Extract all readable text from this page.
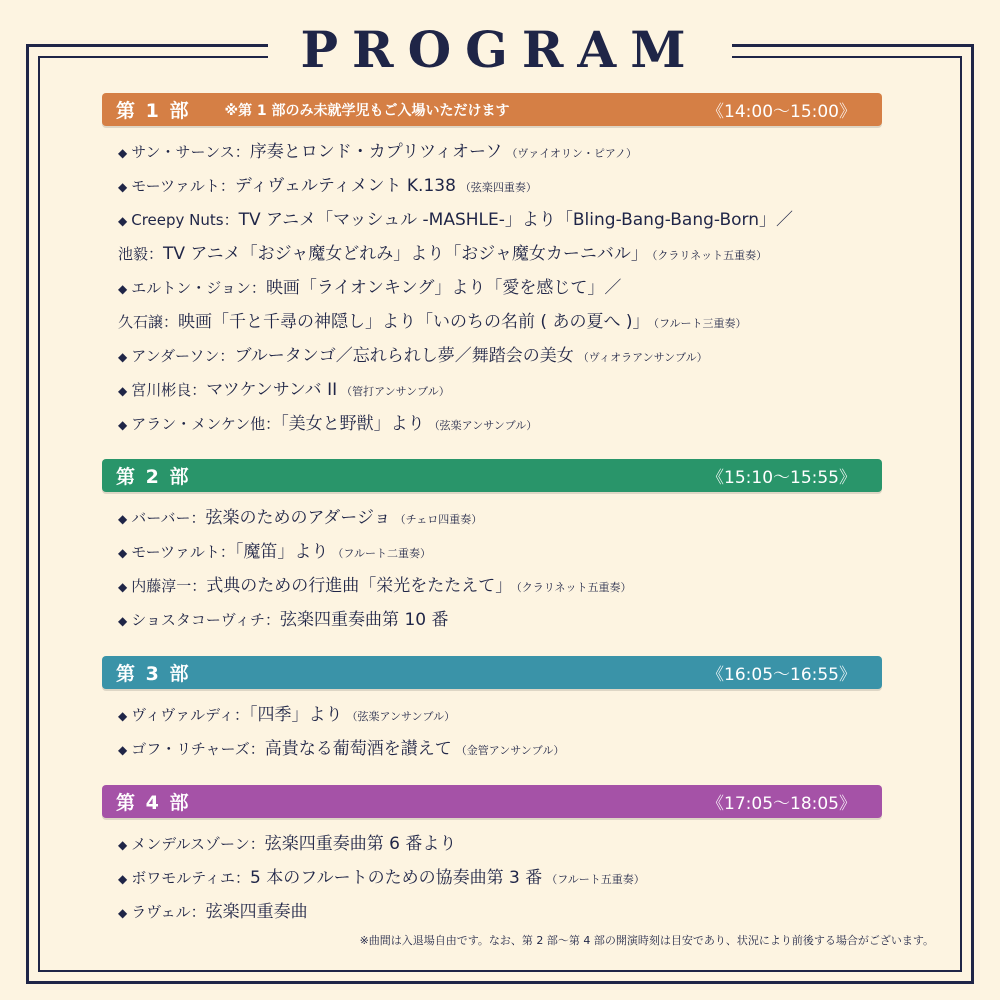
PROGRAM
第 1 部 ※第 1 部のみ未就学児もご入場いただけます	《14:00〜15:00》
◆ サン・サーンス：序奏とロンド・カプリツィオーソ （ヴァイオリン・ピアノ）
◆ モーツァルト：ディヴェルティメント K.138 （弦楽四重奏）
◆ Creepy Nuts：TV アニメ「マッシュル -MASHLE-」より「Bling-Bang-Bang-Born」／
池毅：TV アニメ「おジャ魔女どれみ」より「おジャ魔女カーニバル」 （クラリネット五重奏）
◆ エルトン・ジョン：映画「ライオンキング」より「愛を感じて」／
久石譲：映画「千と千尋の神隠し」より「いのちの名前 ( あの夏へ )」 （フルート三重奏）
◆ アンダーソン：ブルータンゴ／忘れられし夢／舞踏会の美女 （ヴィオラアンサンブル）
◆ 宮川彬良：マツケンサンバ II （管打アンサンブル）
◆ アラン・メンケン他：「美女と野獣」より （弦楽アンサンブル）
第 2 部	《15:10〜15:55》
◆ バーバー：弦楽のためのアダージョ （チェロ四重奏）
◆ モーツァルト：「魔笛」より （フルート二重奏）
◆ 内藤淳一：式典のための行進曲「栄光をたたえて」 （クラリネット五重奏）
◆ ショスタコーヴィチ：弦楽四重奏曲第 10 番
第 3 部	《16:05〜16:55》
◆ ヴィヴァルディ：「四季」より （弦楽アンサンブル）
◆ ゴフ・リチャーズ：高貴なる葡萄酒を讃えて （金管アンサンブル）
第 4 部	《17:05〜18:05》
◆ メンデルスゾーン：弦楽四重奏曲第 6 番より
◆ ボワモルティエ：5 本のフルートのための協奏曲第 3 番 （フルート五重奏）
◆ ラヴェル：弦楽四重奏曲
※曲間は入退場自由です。なお、第 2 部〜第 4 部の開演時刻は目安であり、状況により前後する場合がございます。
